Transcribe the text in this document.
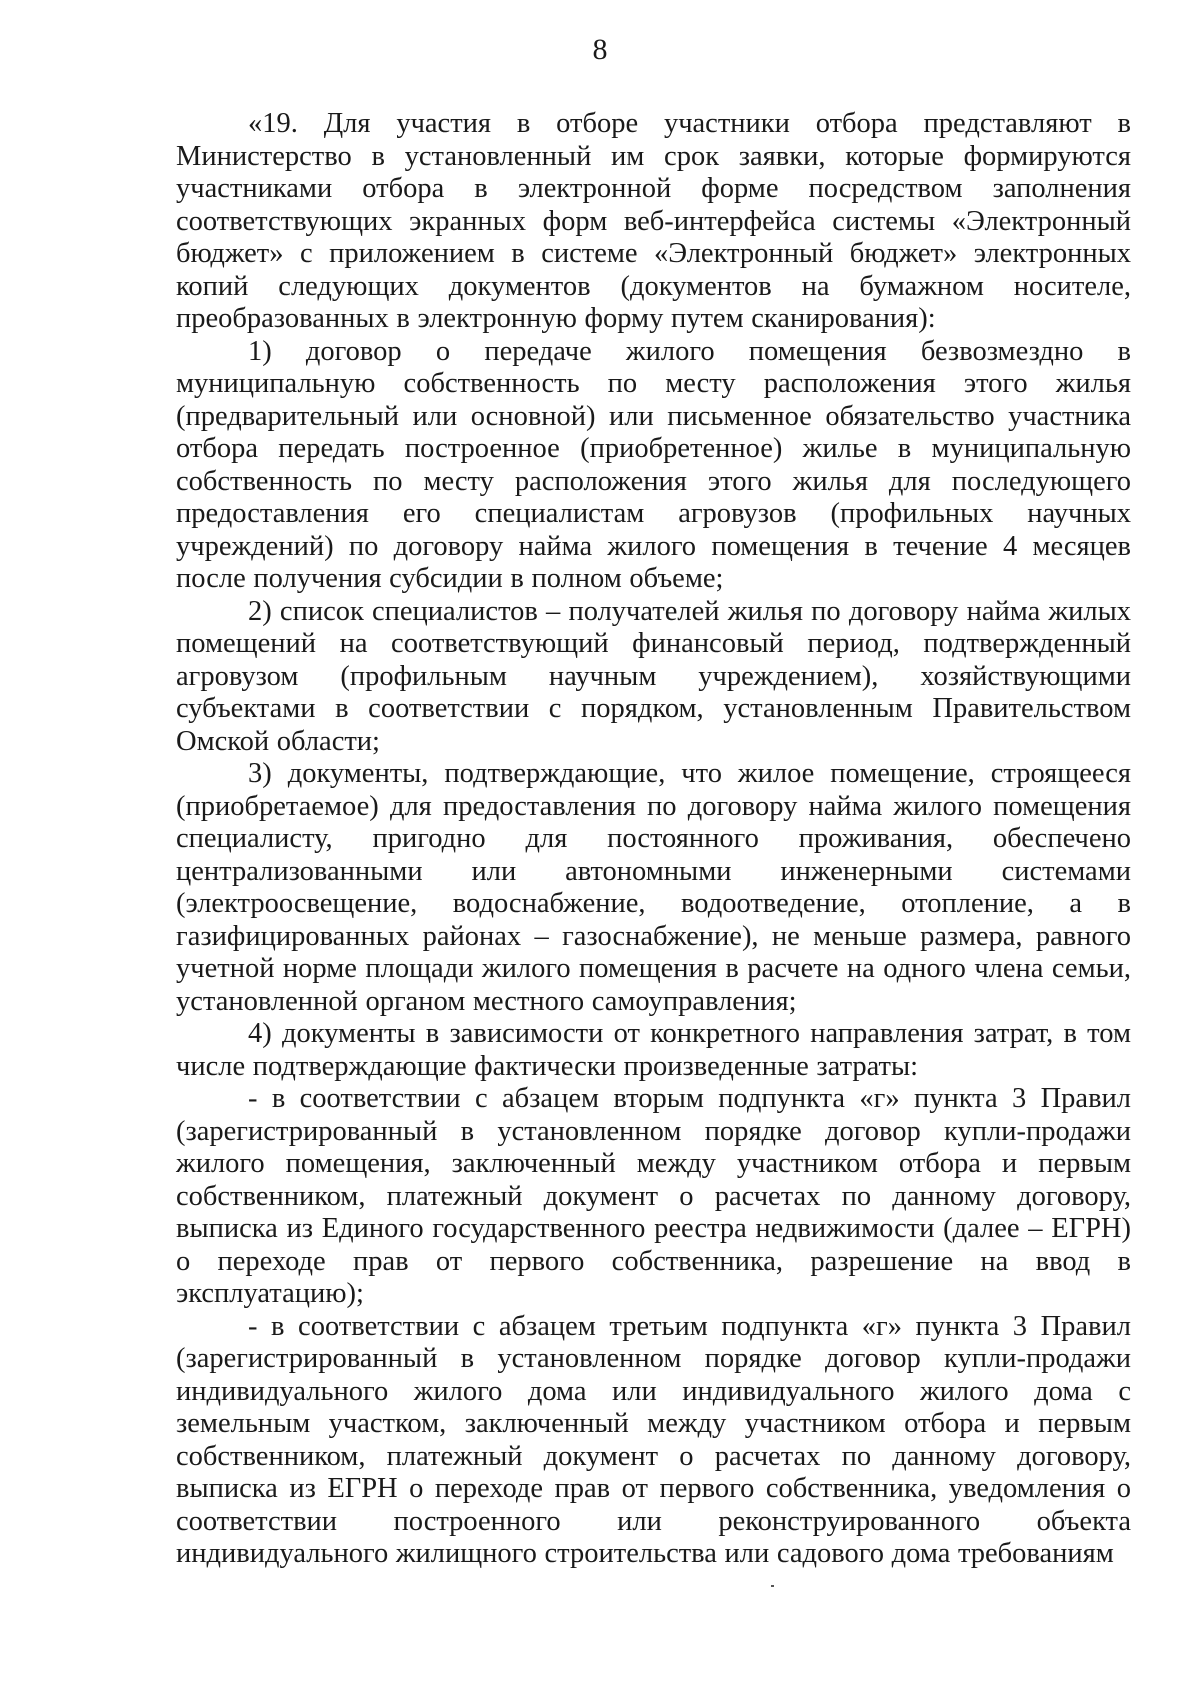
8

«19. Для участия в отборе участники отбора представляют в Министерство в установленный им срок заявки, которые формируются участниками отбора в электронной форме посредством заполнения соответствующих экранных форм веб-интерфейса системы «Электронный бюджет» с приложением в системе «Электронный бюджет» электронных копий следующих документов (документов на бумажном носителе, преобразованных в электронную форму путем сканирования):

1) договор о передаче жилого помещения безвозмездно в муниципальную собственность по месту расположения этого жилья (предварительный или основной) или письменное обязательство участника отбора передать построенное (приобретенное) жилье в муниципальную собственность по месту расположения этого жилья для последующего предоставления его специалистам агровузов (профильных научных учреждений) по договору найма жилого помещения в течение 4 месяцев после получения субсидии в полном объеме;

2) список специалистов – получателей жилья по договору найма жилых помещений на соответствующий финансовый период, подтвержденный агровузом (профильным научным учреждением), хозяйствующими субъектами в соответствии с порядком, установленным Правительством Омской области;

3) документы, подтверждающие, что жилое помещение, строящееся (приобретаемое) для предоставления по договору найма жилого помещения специалисту, пригодно для постоянного проживания, обеспечено централизованными или автономными инженерными системами (электроосвещение, водоснабжение, водоотведение, отопление, а в газифицированных районах – газоснабжение), не меньше размера, равного учетной норме площади жилого помещения в расчете на одного члена семьи, установленной органом местного самоуправления;

4) документы в зависимости от конкретного направления затрат, в том числе подтверждающие фактически произведенные затраты:

- в соответствии с абзацем вторым подпункта «г» пункта 3 Правил (зарегистрированный в установленном порядке договор купли-продажи жилого помещения, заключенный между участником отбора и первым собственником, платежный документ о расчетах по данному договору, выписка из Единого государственного реестра недвижимости (далее – ЕГРН) о переходе прав от первого собственника, разрешение на ввод в эксплуатацию);

- в соответствии с абзацем третьим подпункта «г» пункта 3 Правил (зарегистрированный в установленном порядке договор купли-продажи индивидуального жилого дома или индивидуального жилого дома с земельным участком, заключенный между участником отбора и первым собственником, платежный документ о расчетах по данному договору, выписка из ЕГРН о переходе прав от первого собственника, уведомления о соответствии построенного или реконструированного объекта индивидуального жилищного строительства или садового дома требованиям
